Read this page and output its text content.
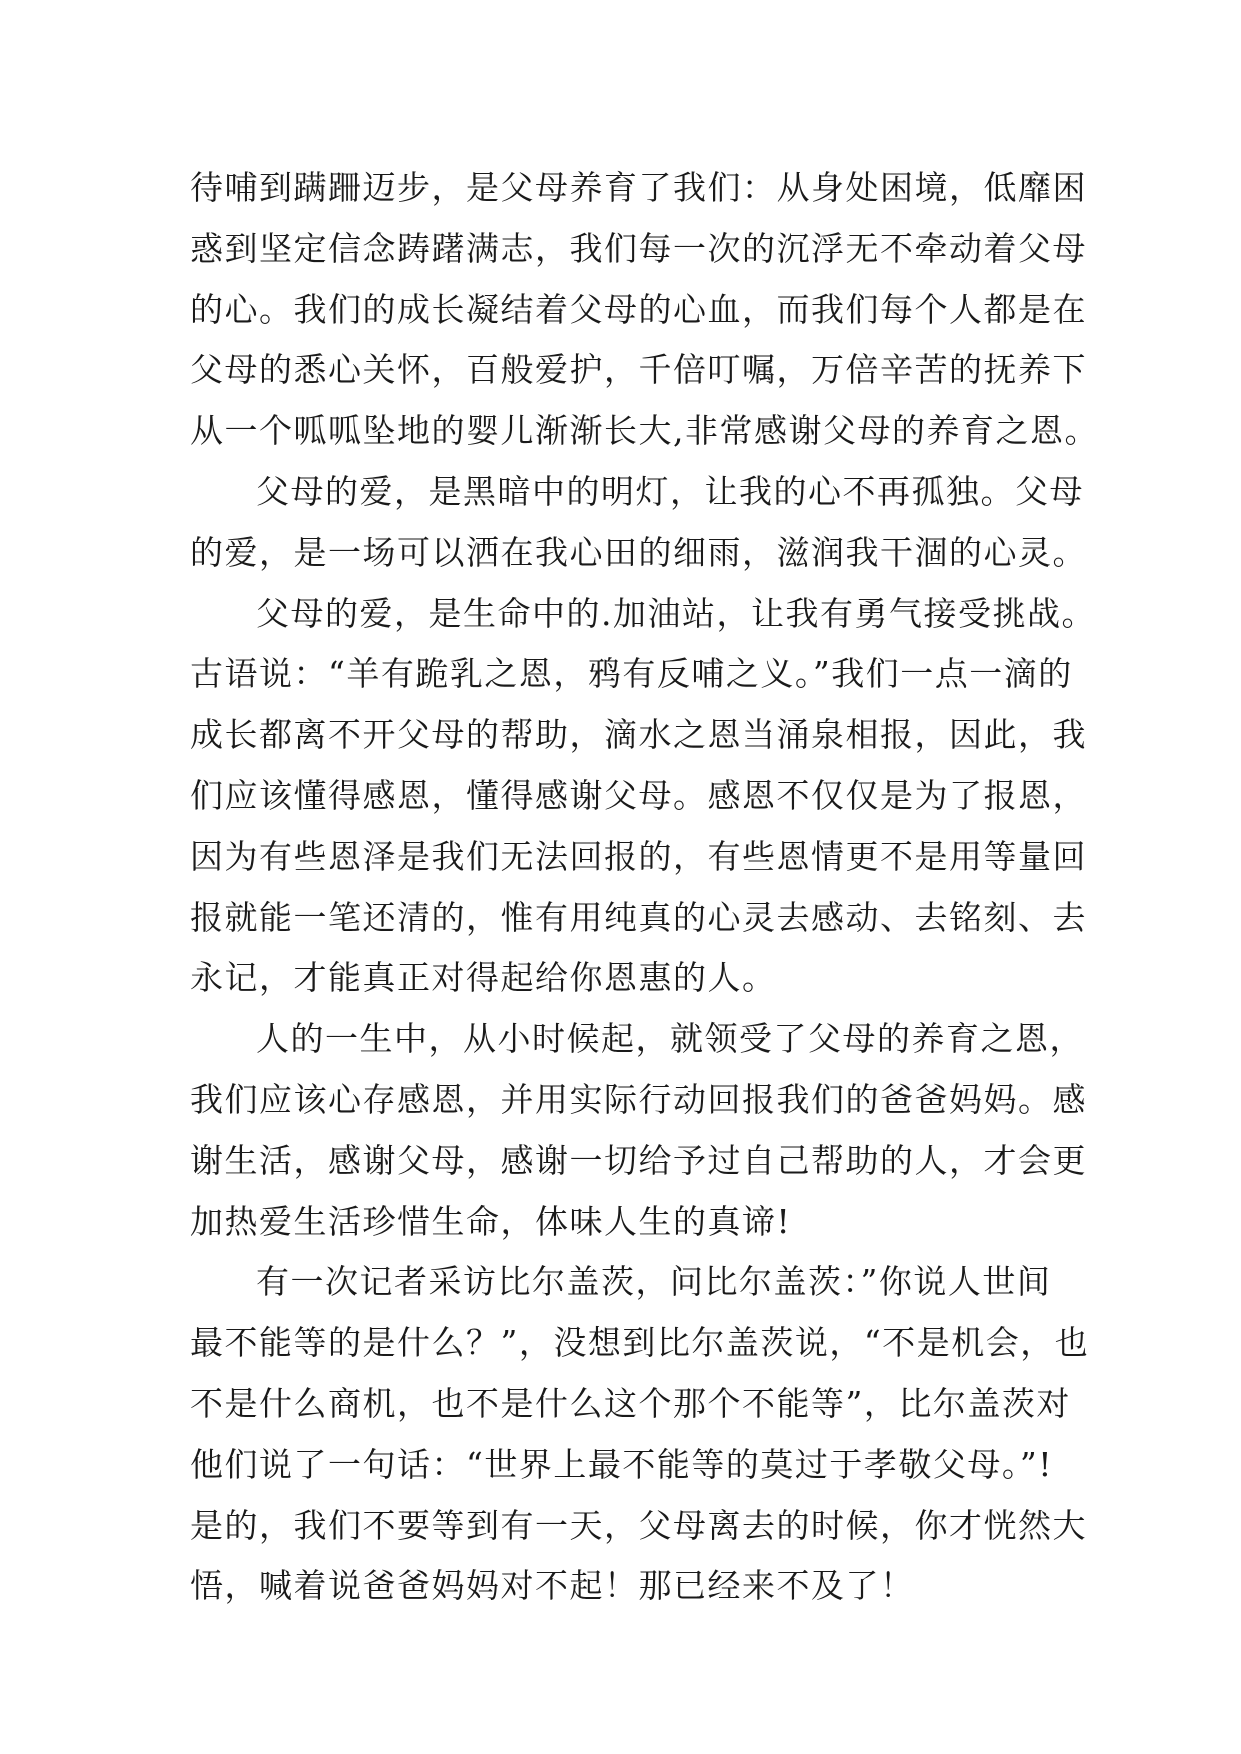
待哺到蹒跚迈步，是父母养育了我们：从身处困境，低靡困
惑到坚定信念踌躇满志，我们每一次的沉浮无不牵动着父母
的心。我们的成长凝结着父母的心血，而我们每个人都是在
父母的悉心关怀，百般爱护，千倍叮嘱，万倍辛苦的抚养下
从一个呱呱坠地的婴儿渐渐长大,非常感谢父母的养育之恩。
父母的爱，是黑暗中的明灯，让我的心不再孤独。父母
的爱，是一场可以洒在我心田的细雨，滋润我干涸的心灵。
父母的爱，是生命中的.加油站，让我有勇气接受挑战。
古语说：“羊有跪乳之恩，鸦有反哺之义。”我们一点一滴的
成长都离不开父母的帮助，滴水之恩当涌泉相报，因此，我
们应该懂得感恩，懂得感谢父母。感恩不仅仅是为了报恩，
因为有些恩泽是我们无法回报的，有些恩情更不是用等量回
报就能一笔还清的，惟有用纯真的心灵去感动、去铭刻、去
永记，才能真正对得起给你恩惠的人。
人的一生中，从小时候起，就领受了父母的养育之恩，
我们应该心存感恩，并用实际行动回报我们的爸爸妈妈。感
谢生活，感谢父母，感谢一切给予过自己帮助的人，才会更
加热爱生活珍惜生命，体味人生的真谛!
有一次记者采访比尔盖茨，问比尔盖茨：”你说人世间
最不能等的是什么？”，没想到比尔盖茨说，“不是机会，也
不是什么商机，也不是什么这个那个不能等”，比尔盖茨对
他们说了一句话：“世界上最不能等的莫过于孝敬父母。”!
是的，我们不要等到有一天，父母离去的时候，你才恍然大
悟，喊着说爸爸妈妈对不起！那已经来不及了！
